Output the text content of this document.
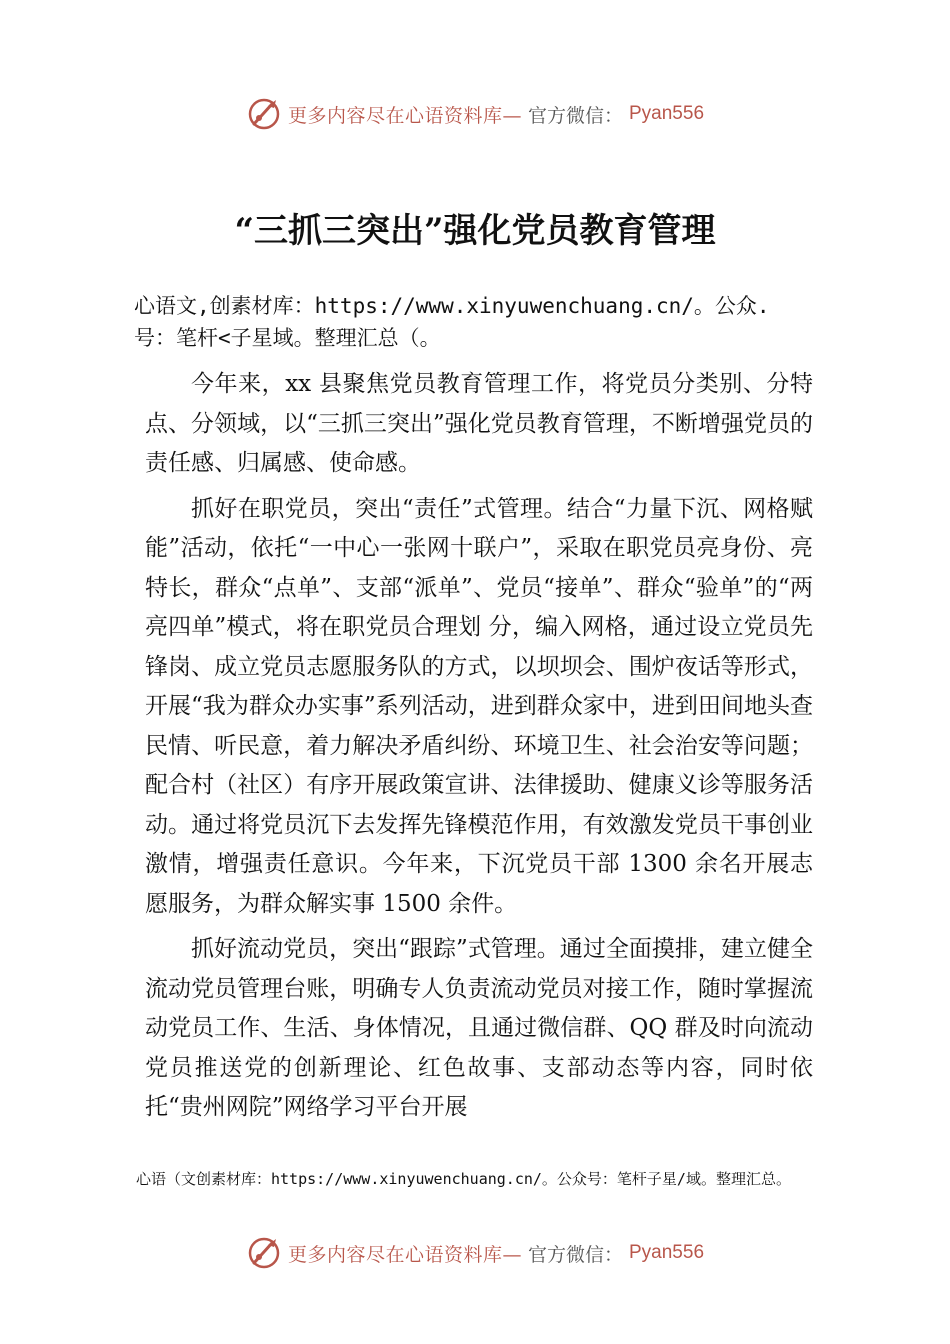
更多内容尽在心语资料库— 官方微信： Pyan556
“三抓三突出”强化党员教育管理
心语文,创素材库：https://www.xinyuwenchuang.cn/。公众.
号：笔杆<子星域。整理汇总（。

今年来，xx 县聚焦党员教育管理工作，将党员分类别、分特点、分领域，以“三抓三突出”强化党员教育管理，不断增强党员的责任感、归属感、使命感。

抓好在职党员，突出“责任”式管理。结合“力量下沉、网格赋能”活动，依托“一中心一张网十联户”，采取在职党员亮身份、亮特长，群众“点单”、支部“派单”、党员“接单”、群众“验单”的“两亮四单”模式，将在职党员合理划 分，编入网格，通过设立党员先锋岗、成立党员志愿服务队的方式，以坝坝会、围炉夜话等形式，开展“我为群众办实事”系列活动，进到群众家中，进到田间地头查民情、听民意，着力解决矛盾纠纷、环境卫生、社会治安等问题；配合村（社区）有序开展政策宣讲、法律援助、健康义诊等服务活动。通过将党员沉下去发挥先锋模范作用，有效激发党员干事创业激情，增强责任意识。今年来，下沉党员干部 1300 余名开展志愿服务，为群众解实事 1500 余件。

抓好流动党员，突出“跟踪”式管理。通过全面摸排，建立健全流动党员管理台账，明确专人负责流动党员对接工作，随时掌握流动党员工作、生活、身体情况，且通过微信群、QQ 群及时向流动党员推送党的创新理论、红色故事、支部动态等内容，同时依托“贵州网院”网络学习平台开展

心语（文创素材库：https://www.xinyuwenchuang.cn/。公众号：笔杆子星/域。整理汇总。
更多内容尽在心语资料库— 官方微信： Pyan556
